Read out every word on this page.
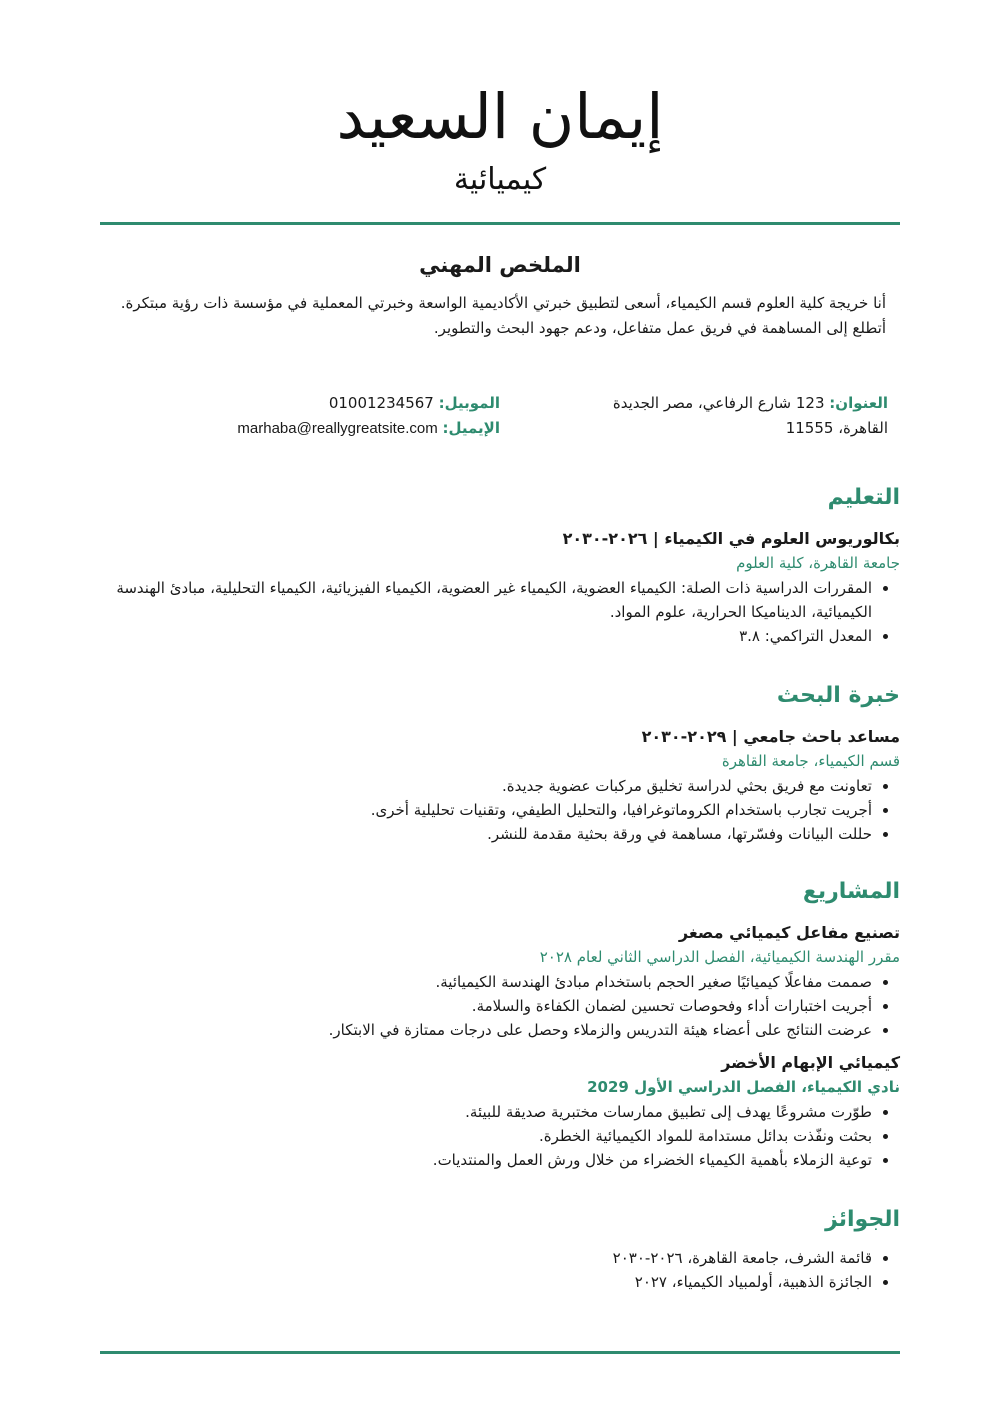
إيمان السعيد
كيميائية
الملخص المهني

أنا خريجة كلية العلوم قسم الكيمياء، أسعى لتطبيق خبرتي الأكاديمية الواسعة وخبرتي المعملية في مؤسسة ذات رؤية مبتكرة. أتطلع إلى المساهمة في فريق عمل متفاعل، ودعم جهود البحث والتطوير.

العنوان: 123 شارع الرفاعي، مصر الجديدة
القاهرة، 11555
الموبيل: 01001234567
الإيميل: marhaba@reallygreatsite.com
التعليم
بكالوريوس العلوم في الكيمياء | ٢٠٢٦-٢٠٣٠
جامعة القاهرة، كلية العلوم
• المقررات الدراسية ذات الصلة: الكيمياء العضوية، الكيمياء غير العضوية، الكيمياء الفيزيائية، الكيمياء التحليلية، مبادئ الهندسة الكيميائية، الديناميكا الحرارية، علوم المواد.
• المعدل التراكمي: ٣.٨
خبرة البحث
مساعد باحث جامعي | ٢٠٢٩-٢٠٣٠
قسم الكيمياء، جامعة القاهرة
• تعاونت مع فريق بحثي لدراسة تخليق مركبات عضوية جديدة.
• أجريت تجارب باستخدام الكروماتوغرافيا، والتحليل الطيفي، وتقنيات تحليلية أخرى.
• حللت البيانات وفسّرتها، مساهمة في ورقة بحثية مقدمة للنشر.
المشاريع
تصنيع مفاعل كيميائي مصغر
مقرر الهندسة الكيميائية، الفصل الدراسي الثاني لعام ٢٠٢٨
• صممت مفاعلًا كيميائيًا صغير الحجم باستخدام مبادئ الهندسة الكيميائية.
• أجريت اختبارات أداء وفحوصات تحسين لضمان الكفاءة والسلامة.
• عرضت النتائج على أعضاء هيئة التدريس والزملاء وحصل على درجات ممتازة في الابتكار.
كيميائي الإبهام الأخضر
نادي الكيمياء، الفصل الدراسي الأول 2029
• طوّرت مشروعًا يهدف إلى تطبيق ممارسات مختبرية صديقة للبيئة.
• بحثت ونفّذت بدائل مستدامة للمواد الكيميائية الخطرة.
• توعية الزملاء بأهمية الكيمياء الخضراء من خلال ورش العمل والمنتديات.
الجوائز
• قائمة الشرف، جامعة القاهرة، ٢٠٢٦-٢٠٣٠
• الجائزة الذهبية، أولمبياد الكيمياء، ٢٠٢٧
